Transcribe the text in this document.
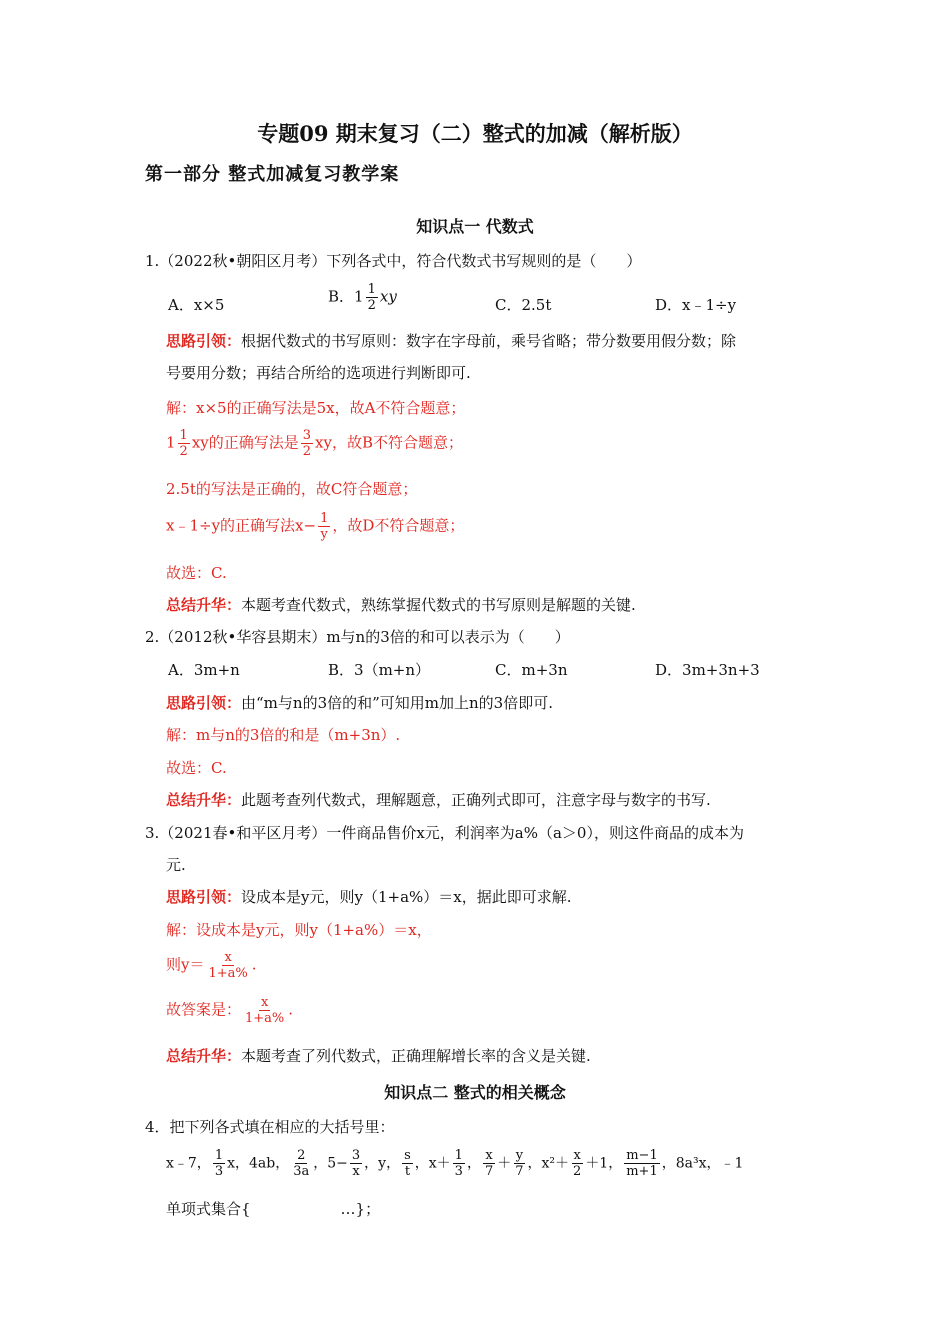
专题09 期末复习（二）整式的加减（解析版）
第一部分 整式加减复习教学案
知识点一 代数式
1.（2022秋•朝阳区月考）下列各式中，符合代数式书写规则的是（　　）
A．x×5	B．$1 \frac{1}{2}$ xy	C．2.5t	D．x﹣1÷y
思路引领：根据代数式的书写原则：数字在字母前，乘号省略；带分数要用假分数；除
号要用分数；再结合所给的选项进行判断即可.
解：x×5的正确写法是5x，故A不符合题意；
$1 \frac{1}{2}$ xy的正确写法是 $\frac{3}{2}$ xy，故B不符合题意；
2.5t的写法是正确的，故C符合题意；
x﹣1÷y的正确写法$x- \frac{1}{y}$ ，故D不符合题意；
故选：C.
总结升华：本题考查代数式，熟练掌握代数式的书写原则是解题的关键.
2.（2012秋•华容县期末）m与n的3倍的和可以表示为（　　）
A．3m+n	B．3（m+n）	C．m+3n	D．3m+3n+3
思路引领：由“m与n的3倍的和”可知用m加上n的3倍即可.
解：m与n的3倍的和是（m+3n）.
故选：C.
总结升华：此题考查列代数式，理解题意，正确列式即可，注意字母与数字的书写.
3.（2021春•和平区月考）一件商品售价x元，利润率为a%（a＞0），则这件商品的成本为
元.
思路引领：设成本是y元，则y（1+a%）＝x，据此即可求解.
解：设成本是y元，则y（1+a%）＝x，
则$y= \frac{x}{1+a\%}$ .
故答案是： $\frac{x}{1+a\%}$ .
总结升华：本题考查了列代数式，正确理解增长率的含义是关键.
知识点二 整式的相关概念
4．把下列各式填在相应的大括号里：
x﹣7， $\frac{1}{3}$ x，4ab， $\frac{2}{3a}$ ，$5- \frac{3}{x}$ ，y， $\frac{s}{t}$ ，$x+ \frac{1}{3}$ ， $\frac{x}{7} + \frac{y}{7}$ ，$x^2+ \frac{x}{2} +1$， $\frac{m-1}{m+1}$ ，8a³x，﹣1
单项式集合{　　　　　　…}；
